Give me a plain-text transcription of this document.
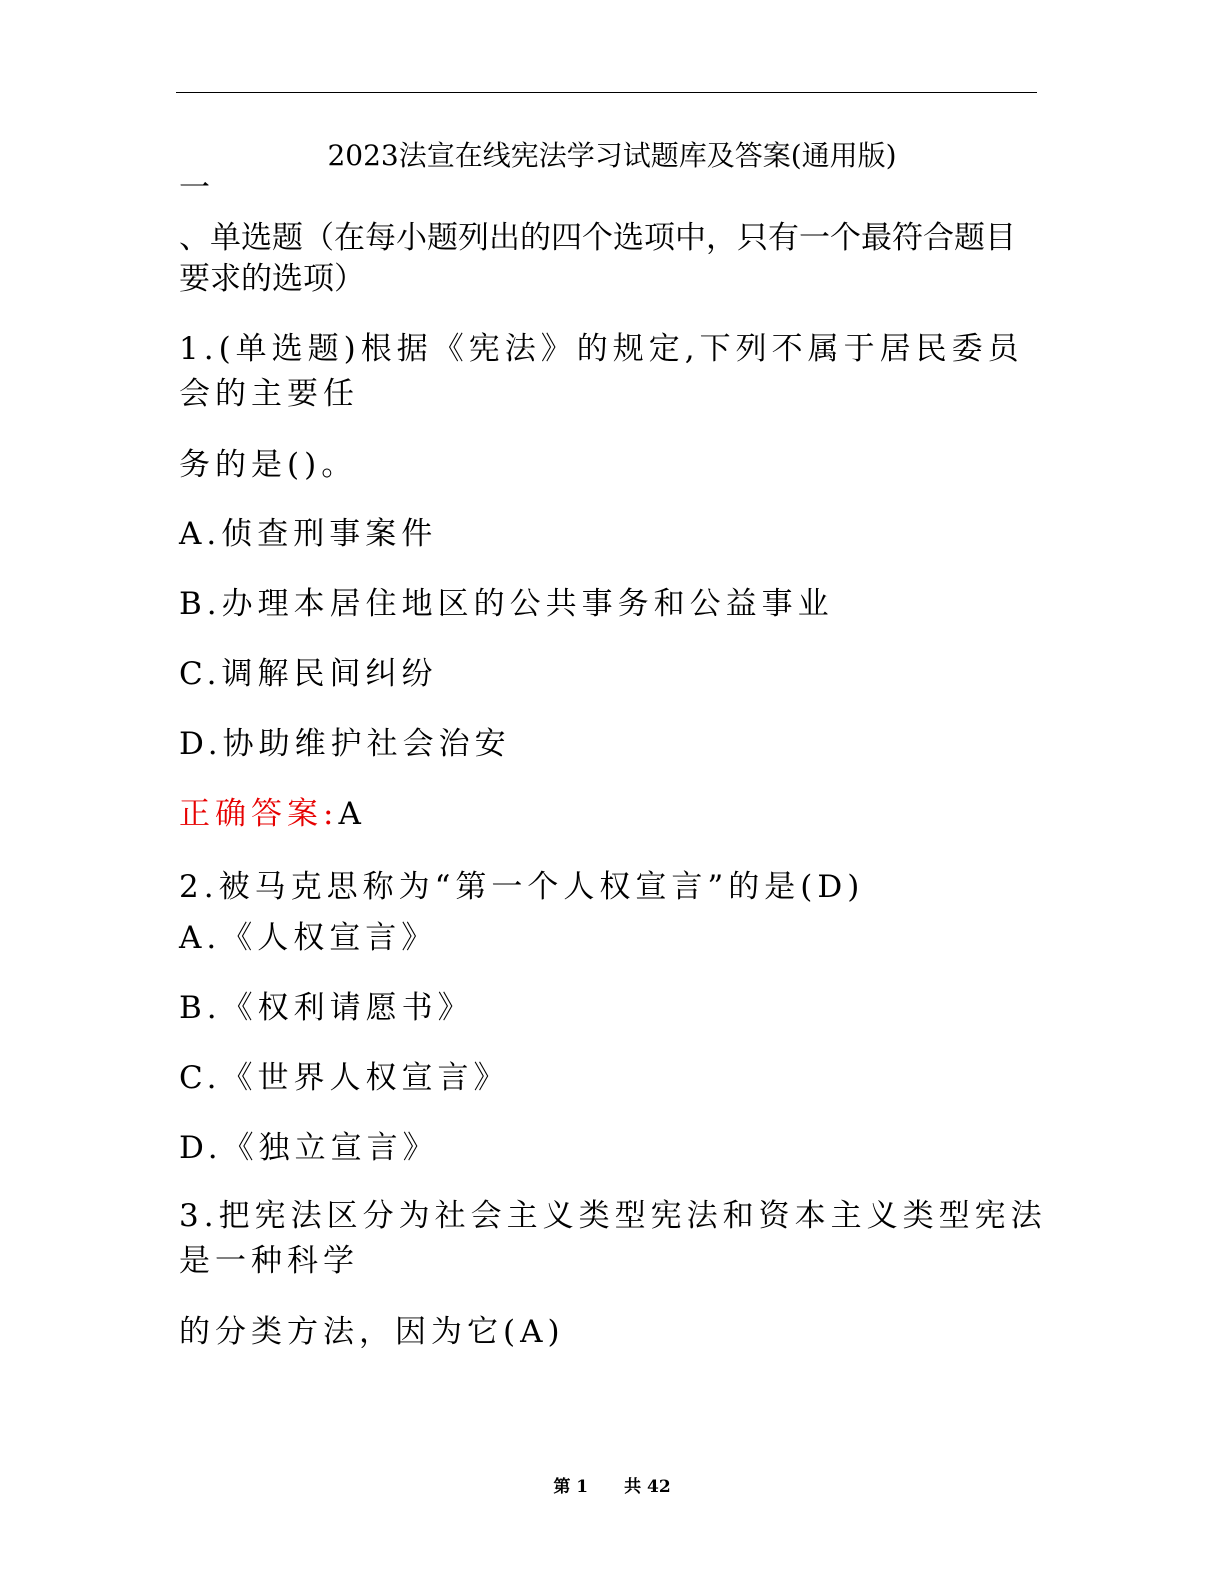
2023法宣在线宪法学习试题库及答案(通用版)
一
、单选题（在每小题列出的四个选项中，只有一个最符合题目
要求的选项）
1.(单选题)根据《宪法》的规定,下列不属于居民委员
会的主要任
务的是()。
A.侦查刑事案件
B.办理本居住地区的公共事务和公益事业
C.调解民间纠纷
D.协助维护社会治安
正确答案:A
2.被马克思称为“第一个人权宣言”的是(D)
A.《人权宣言》
B.《权利请愿书》
C.《世界人权宣言》
D.《独立宣言》
3.把宪法区分为社会主义类型宪法和资本主义类型宪法
是一种科学
的分类方法，因为它(A)
第 1 共 42
